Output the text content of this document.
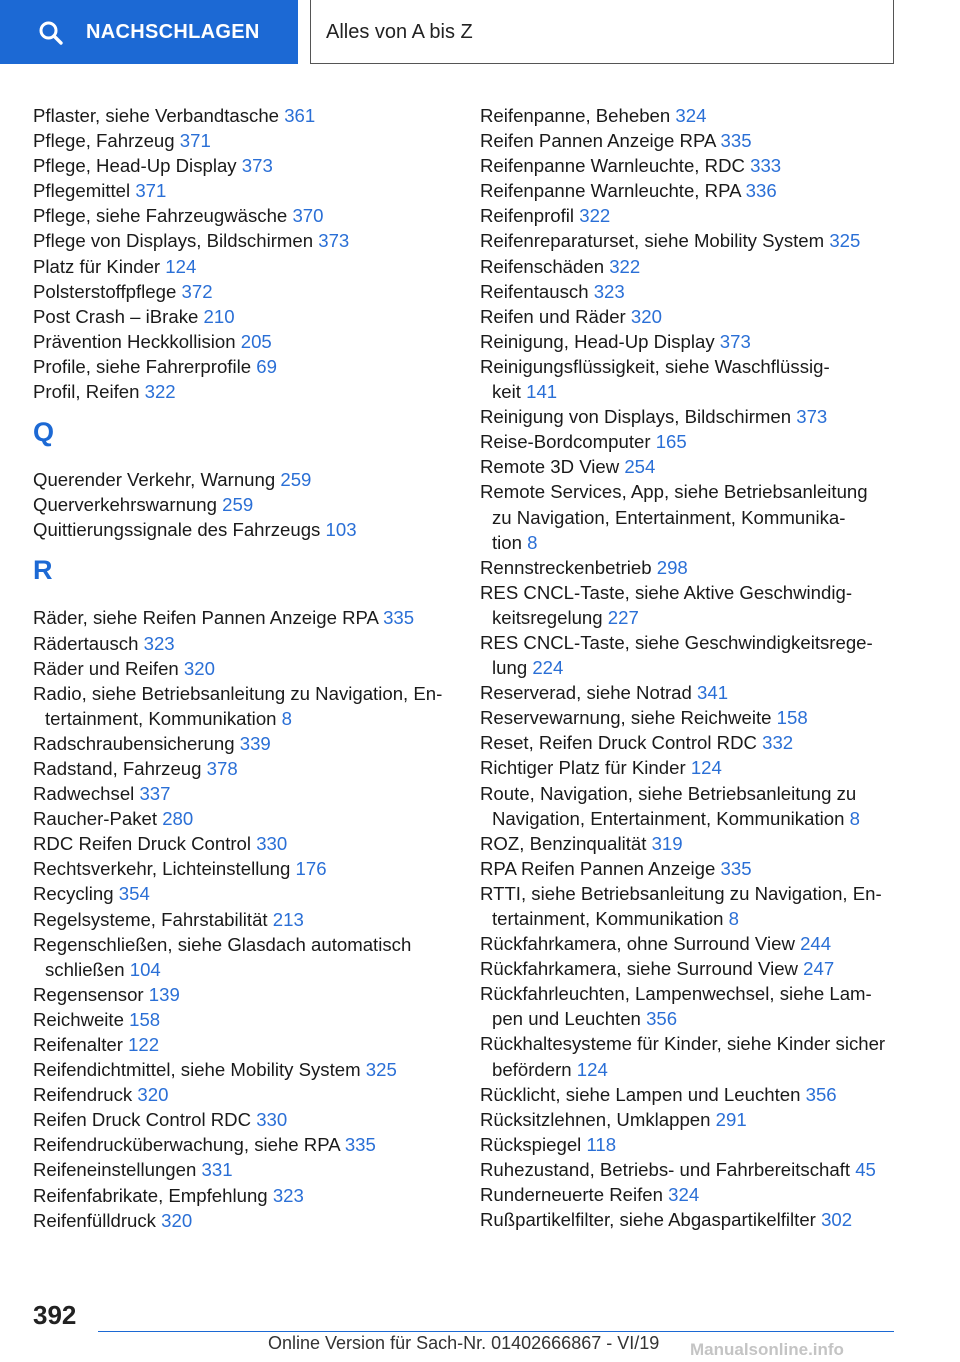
NACHSCHLAGEN	Alles von A bis Z
Pflaster, siehe Verbandtasche 361
Pflege, Fahrzeug 371
Pflege, Head-Up Display 373
Pflegemittel 371
Pflege, siehe Fahrzeugwäsche 370
Pflege von Displays, Bildschirmen 373
Platz für Kinder 124
Polsterstoffpflege 372
Post Crash – iBrake 210
Prävention Heckkollision 205
Profile, siehe Fahrerprofile 69
Profil, Reifen 322
Q
Querender Verkehr, Warnung 259
Querverkehrswarnung 259
Quittierungssignale des Fahrzeugs 103
R
Räder, siehe Reifen Pannen Anzeige RPA 335
Rädertausch 323
Räder und Reifen 320
Radio, siehe Betriebsanleitung zu Navigation, En‐
tertainment, Kommunikation 8
Radschraubensicherung 339
Radstand, Fahrzeug 378
Radwechsel 337
Raucher-Paket 280
RDC Reifen Druck Control 330
Rechtsverkehr, Lichteinstellung 176
Recycling 354
Regelsysteme, Fahrstabilität 213
Regenschließen, siehe Glasdach automatisch
schließen 104
Regensensor 139
Reichweite 158
Reifenalter 122
Reifendichtmittel, siehe Mobility System 325
Reifendruck 320
Reifen Druck Control RDC 330
Reifendrucküberwachung, siehe RPA 335
Reifeneinstellungen 331
Reifenfabrikate, Empfehlung 323
Reifenfülldruck 320
Reifenpanne, Beheben 324
Reifen Pannen Anzeige RPA 335
Reifenpanne Warnleuchte, RDC 333
Reifenpanne Warnleuchte, RPA 336
Reifenprofil 322
Reifenreparaturset, siehe Mobility System 325
Reifenschäden 322
Reifentausch 323
Reifen und Räder 320
Reinigung, Head-Up Display 373
Reinigungsflüssigkeit, siehe Waschflüssig‐
keit 141
Reinigung von Displays, Bildschirmen 373
Reise-Bordcomputer 165
Remote 3D View 254
Remote Services, App, siehe Betriebsanleitung
zu Navigation, Entertainment, Kommunika‐
tion 8
Rennstreckenbetrieb 298
RES CNCL-Taste, siehe Aktive Geschwindig‐
keitsregelung 227
RES CNCL-Taste, siehe Geschwindigkeitsrege‐
lung 224
Reserverad, siehe Notrad 341
Reservewarnung, siehe Reichweite 158
Reset, Reifen Druck Control RDC 332
Richtiger Platz für Kinder 124
Route, Navigation, siehe Betriebsanleitung zu
Navigation, Entertainment, Kommunikation 8
ROZ, Benzinqualität 319
RPA Reifen Pannen Anzeige 335
RTTI, siehe Betriebsanleitung zu Navigation, En‐
tertainment, Kommunikation 8
Rückfahrkamera, ohne Surround View 244
Rückfahrkamera, siehe Surround View 247
Rückfahrleuchten, Lampenwechsel, siehe Lam‐
pen und Leuchten 356
Rückhaltesysteme für Kinder, siehe Kinder sicher
befördern 124
Rücklicht, siehe Lampen und Leuchten 356
Rücksitzlehnen, Umklappen 291
Rückspiegel 118
Ruhezustand, Betriebs- und Fahrbereitschaft 45
Runderneuerte Reifen 324
Rußpartikelfilter, siehe Abgaspartikelfilter 302
392
Online Version für Sach-Nr. 01402666867 - VI/19 Manualsonline.info
